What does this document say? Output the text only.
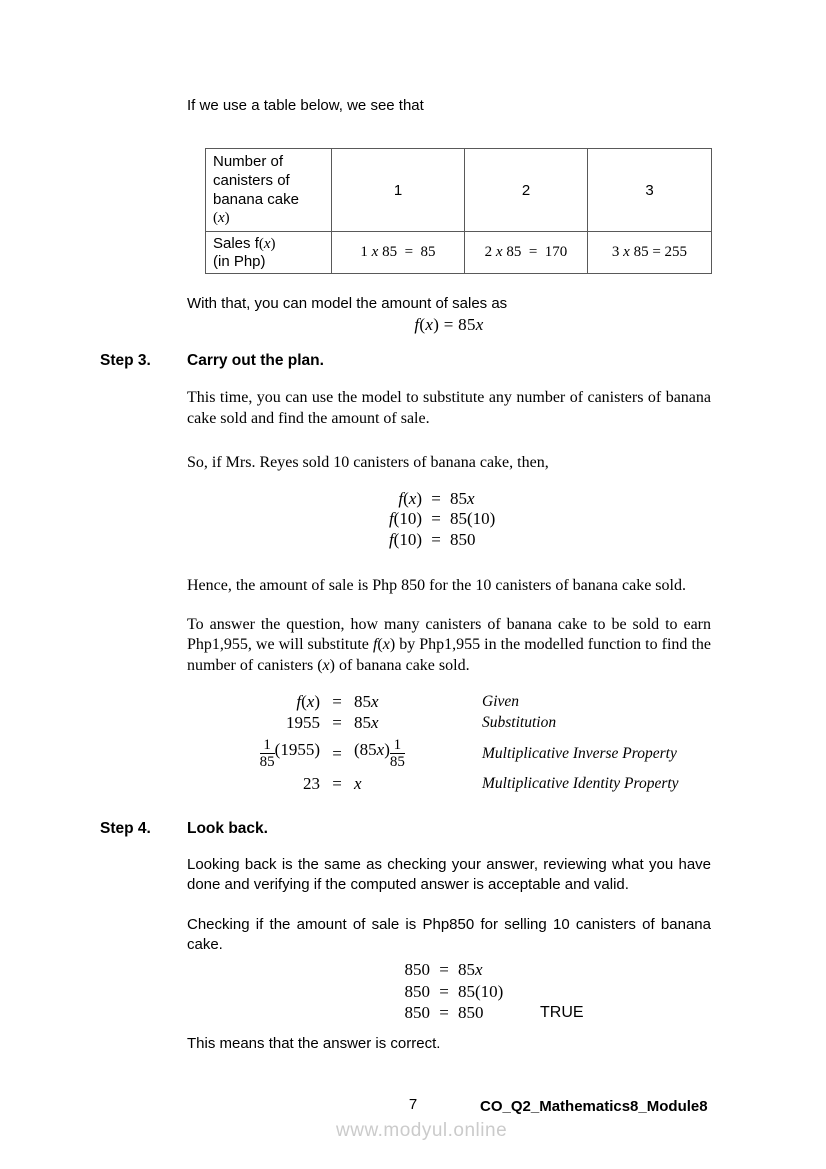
If we use a table below, we see that

Number of
canisters of
banana cake
(x)	1	2	3

Sales f(x)
(in Php)	1 x 85  =  85	2 x 85  =  170	3 x 85 = 255

With that, you can model the amount of sales as

f(x) = 85x
Step 3.	Carry out the plan.

This time, you can use the model to substitute any number of canisters of banana cake sold and find the amount of sale.

So, if Mrs. Reyes sold 10 canisters of banana cake, then,

f(x) = 85x
f(10) = 85(10)
f(10) = 850

Hence, the amount of sale is Php 850 for the 10 canisters of banana cake sold.

To answer the question, how many canisters of banana cake to be sold to earn Php1,955, we will substitute f(x) by Php1,955 in the modelled function to find the number of canisters (x) of banana cake sold.

f(x) = 85x	Given
1955 = 85x	Substitution
$\frac{1}{85} (1955) = (85x) \frac{1}{85}$	Multiplicative Inverse Property
23 = x	Multiplicative Identity Property
Step 4.	Look back.

Looking back is the same as checking your answer, reviewing what you have done and verifying if the computed answer is acceptable and valid.

Checking if the amount of sale is Php850 for selling 10 canisters of banana cake.

850 = 85x
850 = 85(10)
850 = 850	TRUE

This means that the answer is correct.

7	CO_Q2_Mathematics8_Module8
www.modyul.online
